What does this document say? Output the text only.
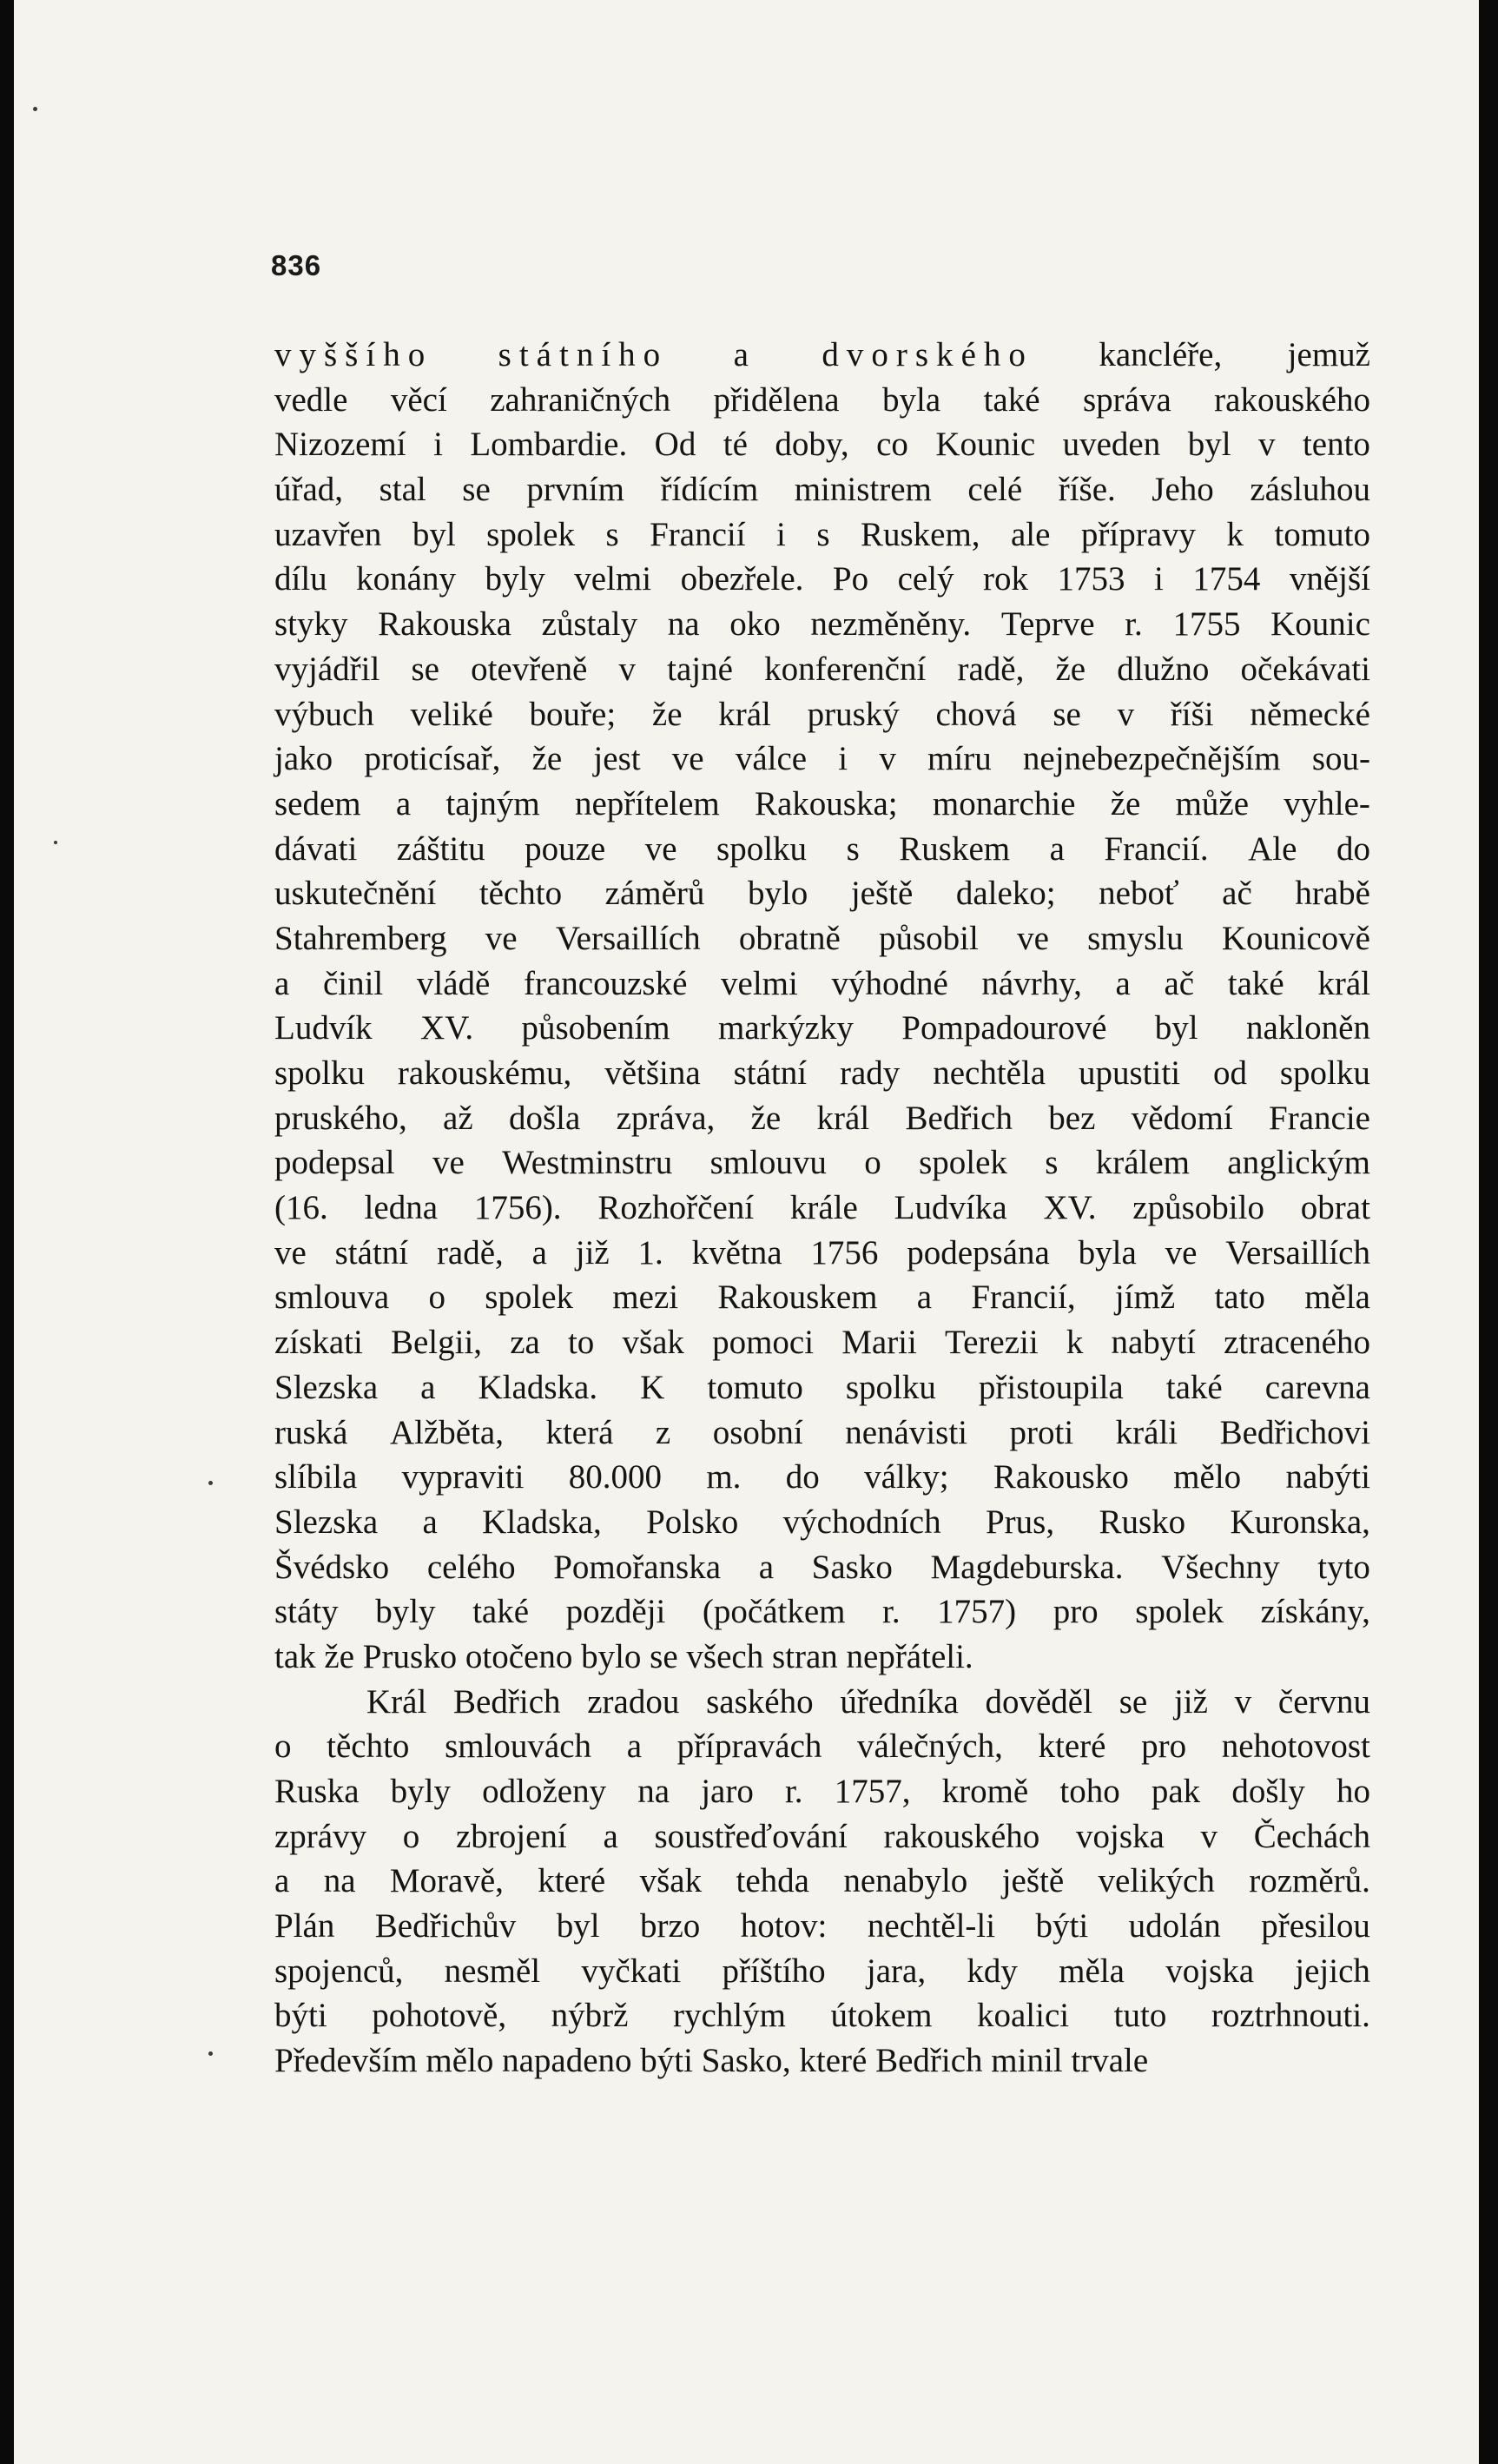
836
vyššího státního a dvorského kancléře, jemuž
vedle věcí zahraničných přidělena byla také správa rakouského
Nizozemí i Lombardie. Od té doby, co Kounic uveden byl v tento
úřad, stal se prvním řídícím ministrem celé říše. Jeho zásluhou
uzavřen byl spolek s Francií i s Ruskem, ale přípravy k tomuto
dílu konány byly velmi obezřele. Po celý rok 1753 i 1754 vnější
styky Rakouska zůstaly na oko nezměněny. Teprve r. 1755 Kounic
vyjádřil se otevřeně v tajné konferenční radě, že dlužno očekávati
výbuch veliké bouře; že král pruský chová se v říši německé
jako proticísař, že jest ve válce i v míru nejnebezpečnějším sou-
sedem a tajným nepřítelem Rakouska; monarchie že může vyhle-
dávati záštitu pouze ve spolku s Ruskem a Francií. Ale do
uskutečnění těchto záměrů bylo ještě daleko; neboť ač hrabě
Stahremberg ve Versaillích obratně působil ve smyslu Kounicově
a činil vládě francouzské velmi výhodné návrhy, a ač také král
Ludvík XV. působením markýzky Pompadourové byl nakloněn
spolku rakouskému, většina státní rady nechtěla upustiti od spolku
pruského, až došla zpráva, že král Bedřich bez vědomí Francie
podepsal ve Westminstru smlouvu o spolek s králem anglickým
(16. ledna 1756). Rozhořčení krále Ludvíka XV. způsobilo obrat
ve státní radě, a již 1. května 1756 podepsána byla ve Versaillích
smlouva o spolek mezi Rakouskem a Francií, jímž tato měla
získati Belgii, za to však pomoci Marii Terezii k nabytí ztraceného
Slezska a Kladska. K tomuto spolku přistoupila také carevna
ruská Alžběta, která z osobní nenávisti proti králi Bedřichovi
slíbila vypraviti 80.000 m. do války; Rakousko mělo nabýti
Slezska a Kladska, Polsko východních Prus, Rusko Kuronska,
Švédsko celého Pomořanska a Sasko Magdeburska. Všechny tyto
státy byly také později (počátkem r. 1757) pro spolek získány,
tak že Prusko otočeno bylo se všech stran nepřáteli.
Král Bedřich zradou saského úředníka dověděl se již v červnu
o těchto smlouvách a přípravách válečných, které pro nehotovost
Ruska byly odloženy na jaro r. 1757, kromě toho pak došly ho
zprávy o zbrojení a soustřeďování rakouského vojska v Čechách
a na Moravě, které však tehda nenabylo ještě velikých rozměrů.
Plán Bedřichův byl brzo hotov: nechtěl-li býti udolán přesilou
spojenců, nesměl vyčkati příštího jara, kdy měla vojska jejich
býti pohotově, nýbrž rychlým útokem koalici tuto roztrhnouti.
Především mělo napadeno býti Sasko, které Bedřich minil trvale
